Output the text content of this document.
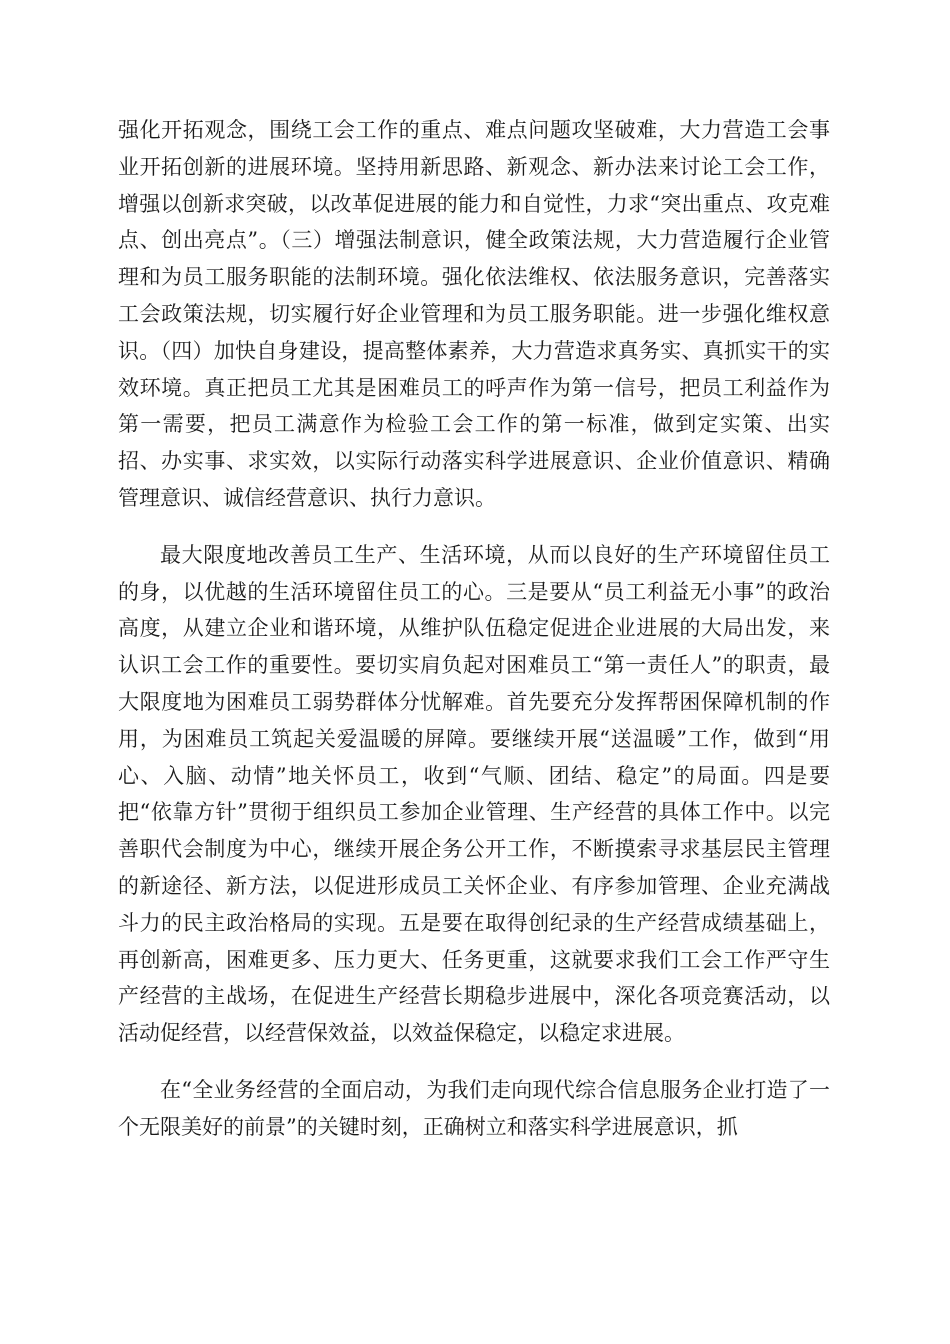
强化开拓观念，围绕工会工作的重点、难点问题攻坚破难，大力营造工会事业开拓创新的进展环境。坚持用新思路、新观念、新办法来讨论工会工作，增强以创新求突破，以改革促进展的能力和自觉性，力求“突出重点、攻克难点、创出亮点”。（三）增强法制意识，健全政策法规，大力营造履行企业管理和为员工服务职能的法制环境。强化依法维权、依法服务意识，完善落实工会政策法规，切实履行好企业管理和为员工服务职能。进一步强化维权意识。（四）加快自身建设，提高整体素养，大力营造求真务实、真抓实干的实效环境。真正把员工尤其是困难员工的呼声作为第一信号，把员工利益作为第一需要，把员工满意作为检验工会工作的第一标准，做到定实策、出实招、办实事、求实效，以实际行动落实科学进展意识、企业价值意识、精确管理意识、诚信经营意识、执行力意识。

最大限度地改善员工生产、生活环境，从而以良好的生产环境留住员工的身，以优越的生活环境留住员工的心。三是要从“员工利益无小事”的政治高度，从建立企业和谐环境，从维护队伍稳定促进企业进展的大局出发，来认识工会工作的重要性。要切实肩负起对困难员工“第一责任人”的职责，最大限度地为困难员工弱势群体分忧解难。首先要充分发挥帮困保障机制的作用，为困难员工筑起关爱温暖的屏障。要继续开展“送温暖”工作，做到“用心、入脑、动情”地关怀员工，收到“气顺、团结、稳定”的局面。四是要把“依靠方针”贯彻于组织员工参加企业管理、生产经营的具体工作中。以完善职代会制度为中心，继续开展企务公开工作，不断摸索寻求基层民主管理的新途径、新方法，以促进形成员工关怀企业、有序参加管理、企业充满战斗力的民主政治格局的实现。五是要在取得创纪录的生产经营成绩基础上，再创新高，困难更多、压力更大、任务更重，这就要求我们工会工作严守生产经营的主战场，在促进生产经营长期稳步进展中，深化各项竞赛活动，以活动促经营，以经营保效益，以效益保稳定，以稳定求进展。

在“全业务经营的全面启动，为我们走向现代综合信息服务企业打造了一个无限美好的前景”的关键时刻，正确树立和落实科学进展意识，抓
